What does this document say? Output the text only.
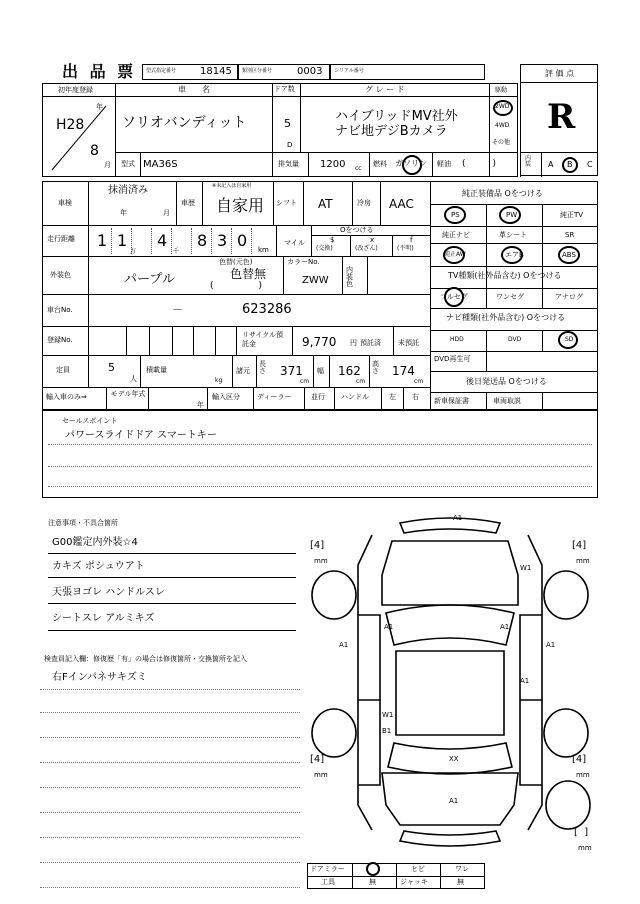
出 品 票 型式指定番号 18145 類別区分番号 0003 シリアル番号	評 価 点
R
初年度登録
年
H28
8
月
車　　名
ソリオバンディット
ドア数
5
D
グ レ ー ド
ハイブリッドMV社外
ナビ地デジBカメラ
駆動
2WD
4WD
その他
型式 MA36S	排気量 1200 cc
燃料 ガソリン 軽油 (　　　)
内装	A B C
車検
抹消済み
年	月
車歴
※未記入は自家用
自家用 シフト AT	冷房 AAC
走行距離 1 1 4 8 3 0
万	千	km
マイル
Oをつける
$
(交換)
x
(改ざん)
f
(不明)
外装色	パープル
色替(元色)
色替無
(　　　　　)
カラーNo.
ZWW
内装色
車台No.	－	623286
登録No.
リサイクル預託金	9,770 円 預託済 未預託
定員	5
人
積載量
kg
諸元
長さ 371
cm
幅 162
cm
高さ 174
cm
輸入車のみ⇒	モデル年式
年
輸入区分 ディーラー	並行 ハンドル	左 右
純正装備品 Oをつける
PS	PW	純正TV
純正ナビ	革シート	SR
純正AW	エアB	ABS
TV種類(社外品含む) Oをつける
フルセグ	ワンセグ	アナログ
ナビ種類(社外品含む) Oをつける
HDD	DVD	SD
DVD再生可
後日発送品 Oをつける
新車保証書	車両取説
セールスポイント
パワースライドドア スマートキー
注意事項・不具合箇所
G00鑑定内外装☆4
カキズ ポシュウアト
天張ヨゴレ ハンドルスレ
シートスレ アルミキズ
検査員記入欄：修復歴「有」の場合は修復箇所・交換箇所を記入
右Fインパネサキズミ
[4]
mm
[4]
mm
[4]
mm
[4]
mm
[  ]
mm
A1
W1
A1	A1
A1	A1
A1
W1
B1
XX
A1
ドアミラー	ヒビ	ワレ
工具	無	ジャッキ	無
